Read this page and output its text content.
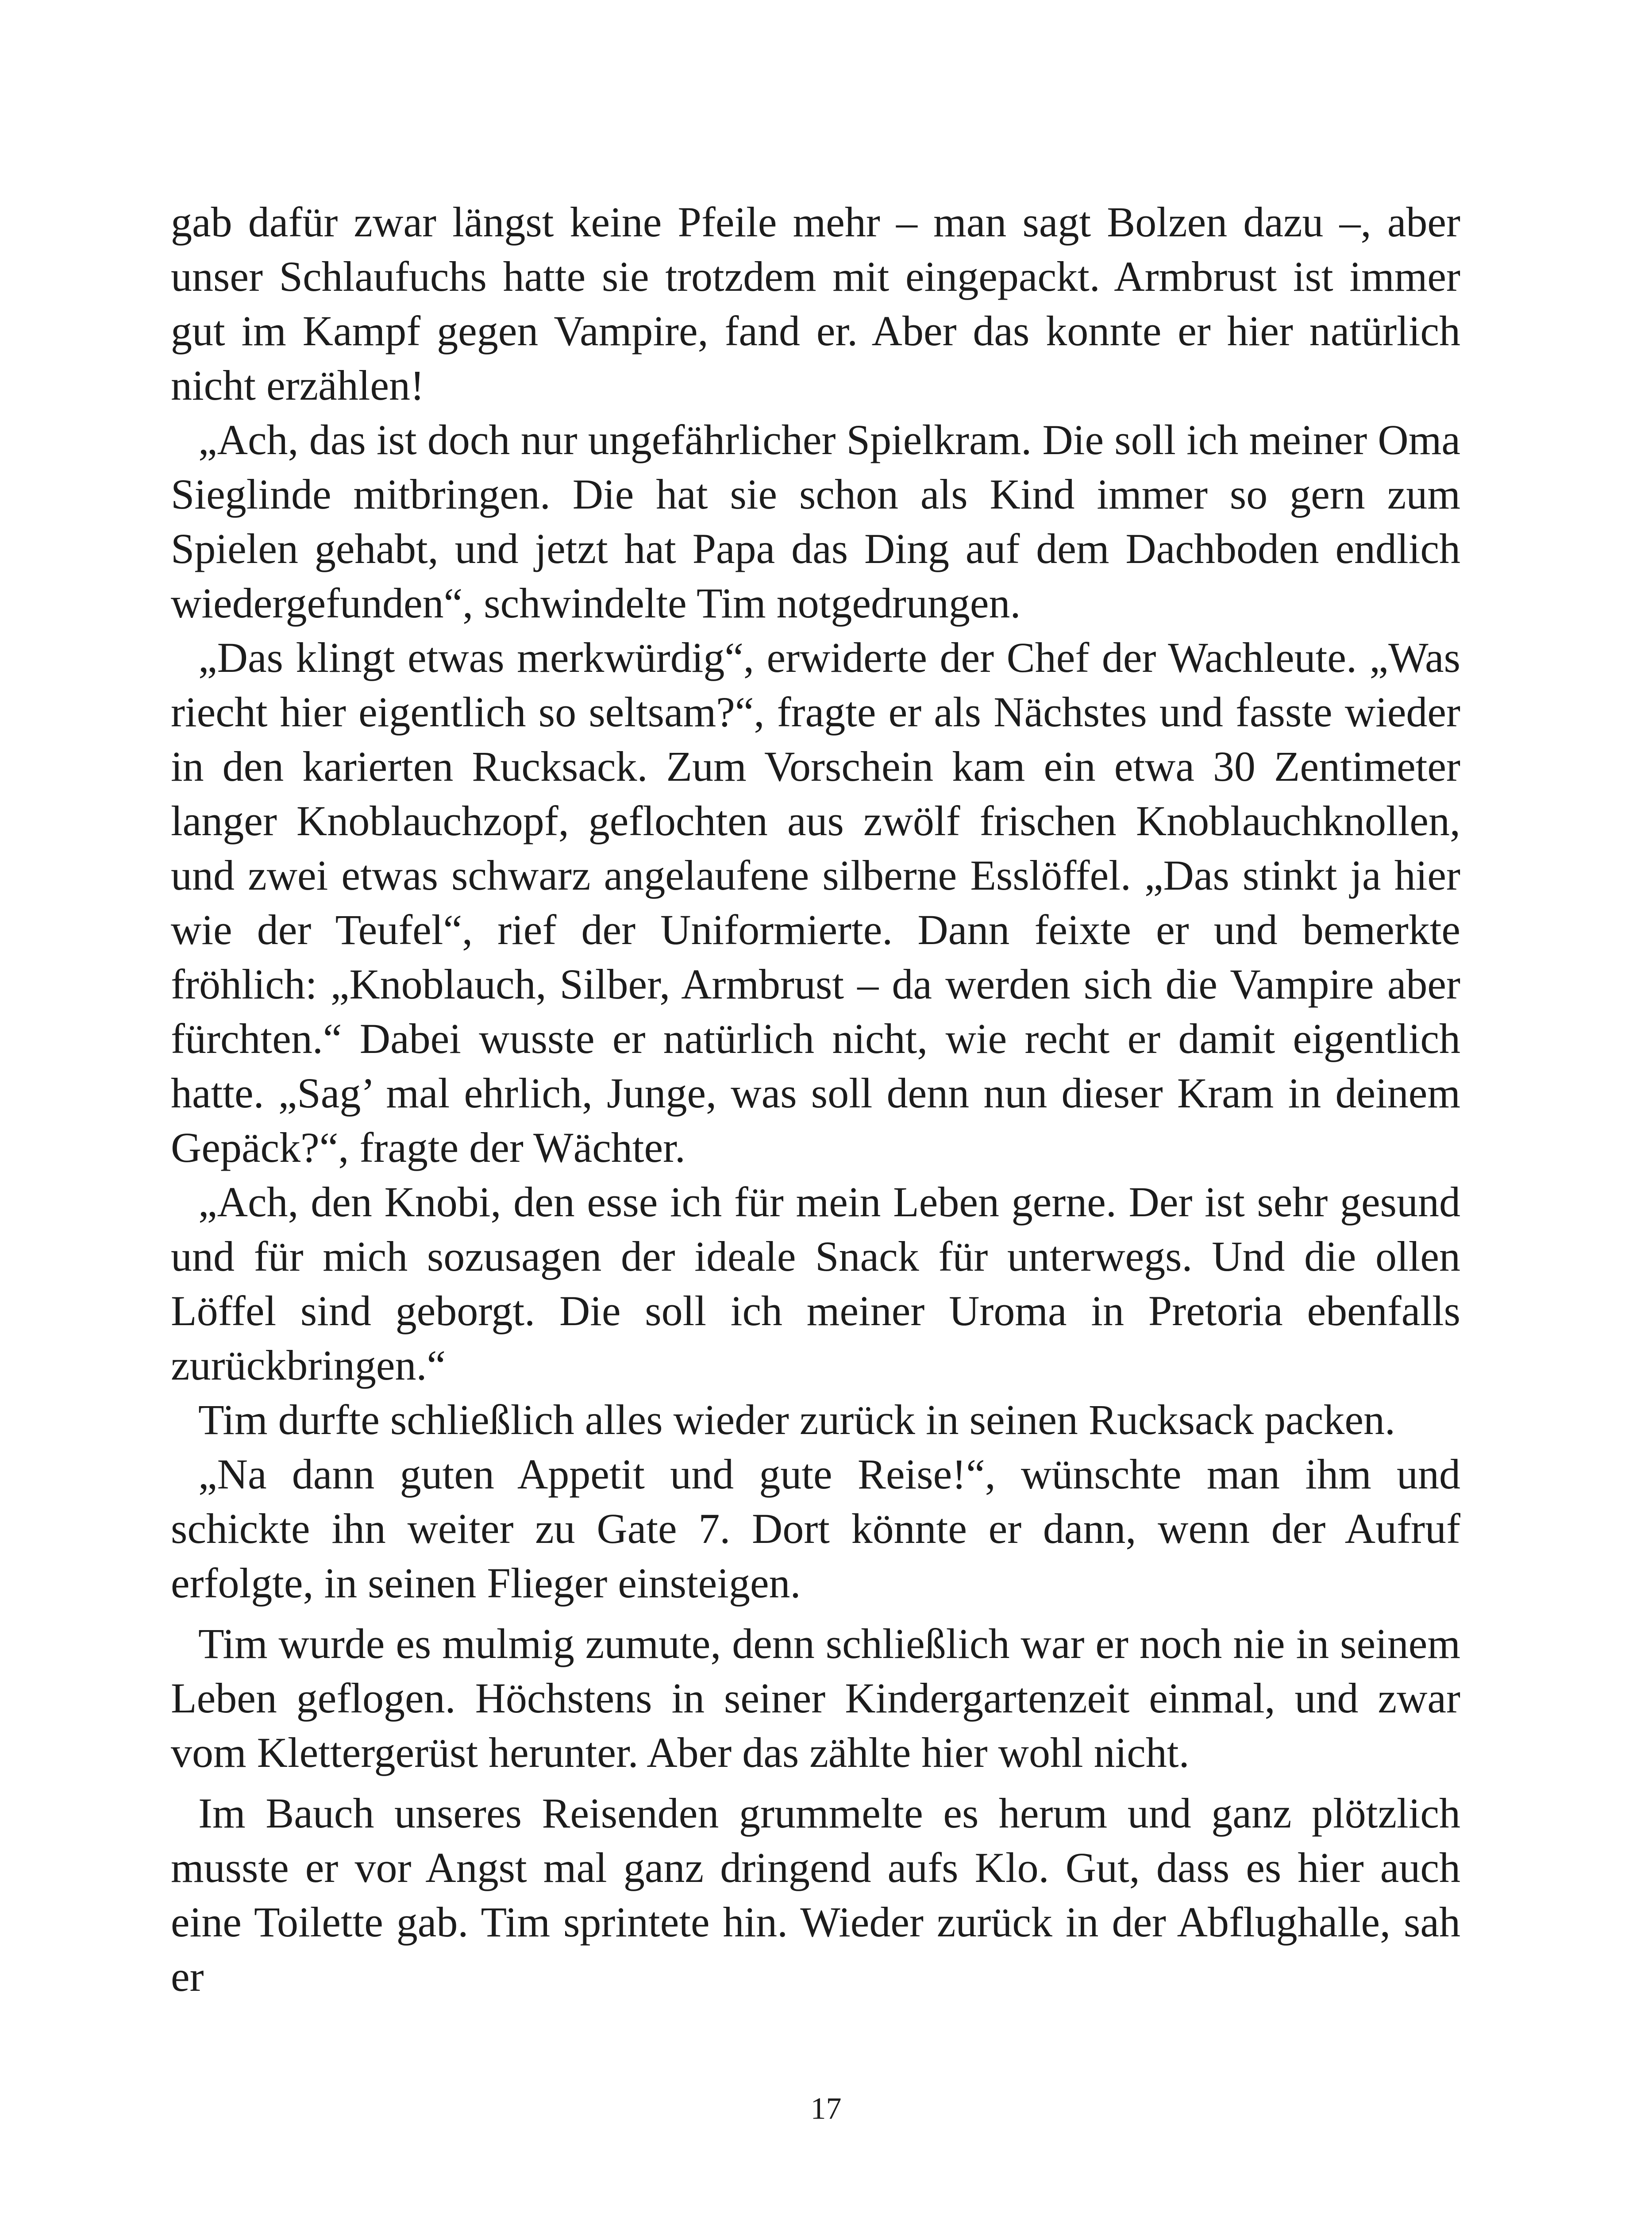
gab dafür zwar längst keine Pfeile mehr – man sagt Bolzen dazu –, aber unser Schlaufuchs hatte sie trotzdem mit eingepackt. Armbrust ist immer gut im Kampf gegen Vampire, fand er. Aber das konnte er hier natürlich nicht erzählen!

„Ach, das ist doch nur ungefährlicher Spielkram. Die soll ich meiner Oma Sieglinde mitbringen. Die hat sie schon als Kind immer so gern zum Spielen gehabt, und jetzt hat Papa das Ding auf dem Dachboden endlich wiedergefunden“, schwindelte Tim notgedrungen.

„Das klingt etwas merkwürdig“, erwiderte der Chef der Wachleute. „Was riecht hier eigentlich so seltsam?“, fragte er als Nächstes und fasste wieder in den karierten Rucksack. Zum Vorschein kam ein etwa 30 Zentimeter langer Knoblauchzopf, geflochten aus zwölf frischen Knoblauchknollen, und zwei etwas schwarz angelaufene silberne Esslöffel. „Das stinkt ja hier wie der Teufel“, rief der Uniformierte. Dann feixte er und bemerkte fröhlich: „Knoblauch, Silber, Armbrust – da werden sich die Vampire aber fürchten.“ Dabei wusste er natürlich nicht, wie recht er damit eigentlich hatte. „Sag’ mal ehrlich, Junge, was soll denn nun dieser Kram in deinem Gepäck?“, fragte der Wächter.

„Ach, den Knobi, den esse ich für mein Leben gerne. Der ist sehr gesund und für mich sozusagen der ideale Snack für unterwegs. Und die ollen Löffel sind geborgt. Die soll ich meiner Uroma in Pretoria ebenfalls zurückbringen.“

Tim durfte schließlich alles wieder zurück in seinen Rucksack packen.

„Na dann guten Appetit und gute Reise!“, wünschte man ihm und schickte ihn weiter zu Gate 7. Dort könnte er dann, wenn der Aufruf erfolgte, in seinen Flieger einsteigen.

Tim wurde es mulmig zumute, denn schließlich war er noch nie in seinem Leben geflogen. Höchstens in seiner Kindergartenzeit einmal, und zwar vom Klettergerüst herunter. Aber das zählte hier wohl nicht.

Im Bauch unseres Reisenden grummelte es herum und ganz plötzlich musste er vor Angst mal ganz dringend aufs Klo. Gut, dass es hier auch eine Toilette gab. Tim sprintete hin. Wieder zurück in der Abflughalle, sah er

17
